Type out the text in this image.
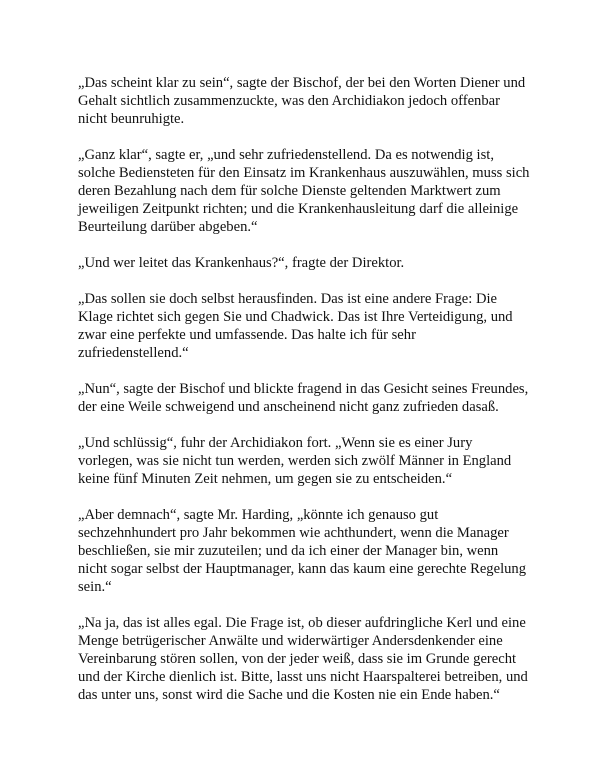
„Das scheint klar zu sein“, sagte der Bischof, der bei den Worten Diener und Gehalt sichtlich zusammenzuckte, was den Archidiakon jedoch offenbar nicht beunruhigte.

„Ganz klar“, sagte er, „und sehr zufriedenstellend. Da es notwendig ist, solche Bediensteten für den Einsatz im Krankenhaus auszuwählen, muss sich deren Bezahlung nach dem für solche Dienste geltenden Marktwert zum jeweiligen Zeitpunkt richten; und die Krankenhausleitung darf die alleinige Beurteilung darüber abgeben.“

„Und wer leitet das Krankenhaus?“, fragte der Direktor.

„Das sollen sie doch selbst herausfinden. Das ist eine andere Frage: Die Klage richtet sich gegen Sie und Chadwick. Das ist Ihre Verteidigung, und zwar eine perfekte und umfassende. Das halte ich für sehr zufriedenstellend.“

„Nun“, sagte der Bischof und blickte fragend in das Gesicht seines Freundes, der eine Weile schweigend und anscheinend nicht ganz zufrieden dasaß.

„Und schlüssig“, fuhr der Archidiakon fort. „Wenn sie es einer Jury vorlegen, was sie nicht tun werden, werden sich zwölf Männer in England keine fünf Minuten Zeit nehmen, um gegen sie zu entscheiden.“

„Aber demnach“, sagte Mr. Harding, „könnte ich genauso gut sechzehnhundert pro Jahr bekommen wie achthundert, wenn die Manager beschließen, sie mir zuzuteilen; und da ich einer der Manager bin, wenn nicht sogar selbst der Hauptmanager, kann das kaum eine gerechte Regelung sein.“

„Na ja, das ist alles egal. Die Frage ist, ob dieser aufdringliche Kerl und eine Menge betrügerischer Anwälte und widerwärtiger Andersdenkender eine Vereinbarung stören sollen, von der jeder weiß, dass sie im Grunde gerecht und der Kirche dienlich ist. Bitte, lasst uns nicht Haarspalterei betreiben, und das unter uns, sonst wird die Sache und die Kosten nie ein Ende haben.“
